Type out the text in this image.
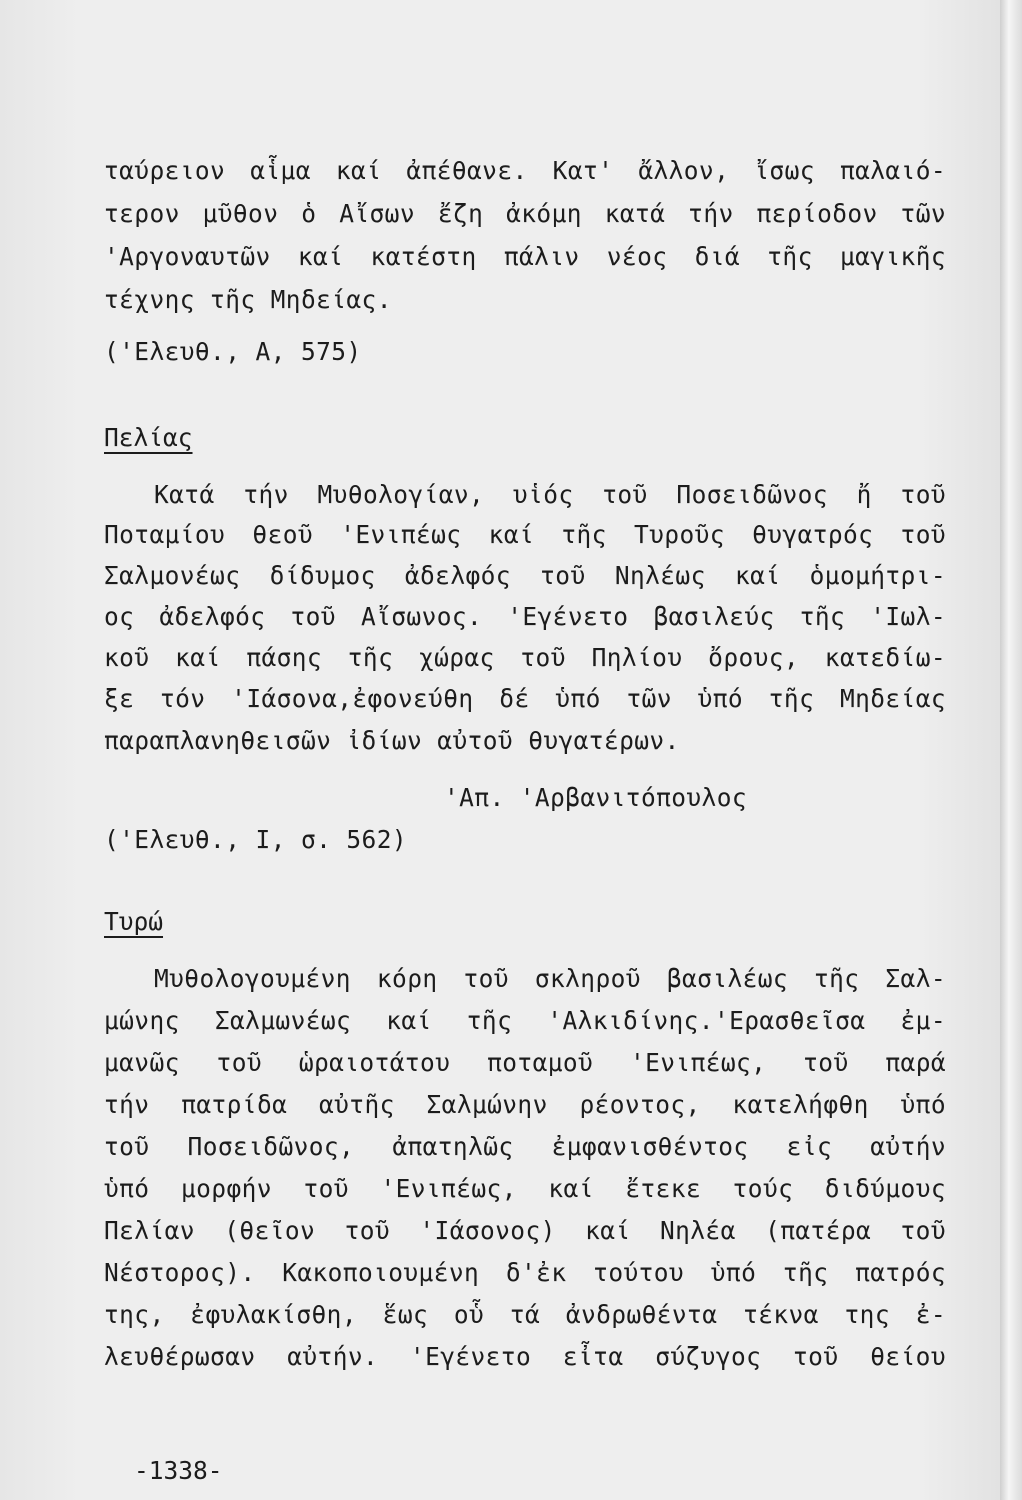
ταύρειον αἷμα καί ἀπέθανε. Κατ' ἄλλον, ἴσως παλαιό-
τερον μῦθον ὁ Αἴσων ἔζη ἀκόμη κατά τήν περίοδον τῶν
'Αργοναυτῶν καί κατέστη πάλιν νέος διά τῆς μαγικῆς
τέχνης τῆς Μηδείας.
('Ελευθ., Α, 575)
Πελίας
Κατά τήν Μυθολογίαν, υἱός τοῦ Ποσειδῶνος ἤ τοῦ
Ποταμίου θεοῦ 'Ενιπέως καί τῆς Τυροῦς θυγατρός τοῦ
Σαλμονέως δίδυμος ἀδελφός τοῦ Νηλέως καί ὁμομήτρι-
ος ἀδελφός τοῦ Αἴσωνος. 'Εγένετο βασιλεύς τῆς 'Ιωλ-
κοῦ καί πάσης τῆς χώρας τοῦ Πηλίου ὄρους, κατεδίω-
ξε τόν 'Ιάσονα,ἐφονεύθη δέ ὑπό τῶν ὑπό τῆς Μηδείας
παραπλανηθεισῶν ἰδίων αὐτοῦ θυγατέρων.
'Απ. 'Αρβανιτόπουλος
('Ελευθ., Ι, σ. 562)
Τυρώ
Μυθολογουμένη κόρη τοῦ σκληροῦ βασιλέως τῆς Σαλ-
μώνης Σαλμωνέως καί τῆς 'Αλκιδίνης.'Ερασθεῖσα ἐμ-
μανῶς τοῦ ὡραιοτάτου ποταμοῦ 'Ενιπέως, τοῦ παρά
τήν πατρίδα αὐτῆς Σαλμώνην ρέοντος, κατελήφθη ὑπό
τοῦ Ποσειδῶνος, ἀπατηλῶς ἐμφανισθέντος εἰς αὐτήν
ὑπό μορφήν τοῦ 'Ενιπέως, καί ἔτεκε τούς διδύμους
Πελίαν (θεῖον τοῦ 'Ιάσονος) καί Νηλέα (πατέρα τοῦ
Νέστορος). Κακοποιουμένη δ'ἐκ τούτου ὑπό τῆς πατρός
της, ἐφυλακίσθη, ἕως οὗ τά ἀνδρωθέντα τέκνα της ἐ-
λευθέρωσαν αὐτήν. 'Εγένετο εἶτα σύζυγος τοῦ θείου
-1338-
